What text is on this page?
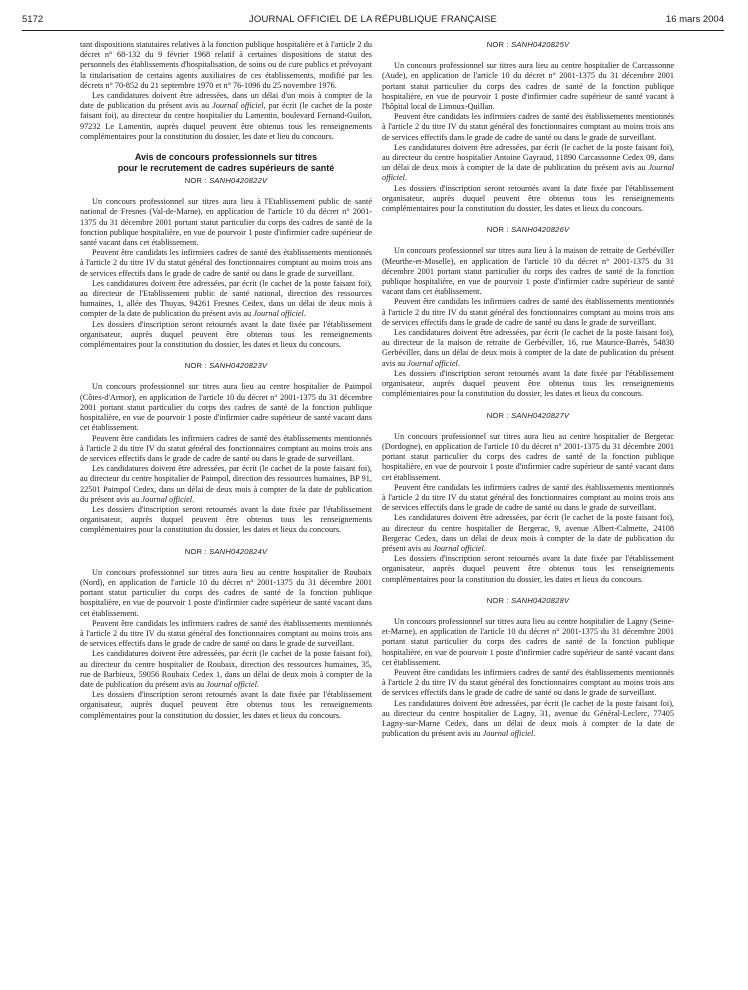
5172	JOURNAL OFFICIEL DE LA RÉPUBLIQUE FRANÇAISE	16 mars 2004

tant dispositions statutaires relatives à la fonction publique hospitalière et à l'article 2 du décret n° 68-132 du 9 février 1968 relatif à certaines dispositions de statut des personnels des établissements d'hospitalisation, de soins ou de cure publics et prévoyant la titularisation de certains agents auxiliaires de ces établissements, modifié par les décrets n° 70-852 du 21 septembre 1970 et n° 76-1096 du 25 novembre 1976.

Les candidatures doivent être adressées, dans un délai d'un mois à compter de la date de publication du présent avis au Journal officiel, par écrit (le cachet de la poste faisant foi), au directeur du centre hospitalier du Lamentin, boulevard Fernand-Guilon, 97232 Le Lamentin, auprès duquel peuvent être obtenus tous les renseignements complémentaires pour la constitution du dossier, les date et lieu du concours.

Avis de concours professionnels sur titres
pour le recrutement de cadres supérieurs de santé
NOR : SANH0420822V

Un concours professionnel sur titres aura lieu à l'Etablissement public de santé national de Fresnes (Val-de-Marne), en application de l'article 10 du décret n° 2001-1375 du 31 décembre 2001 portant statut particulier du corps des cadres de santé de la fonction publique hospitalière, en vue de pourvoir 1 poste d'infirmier cadre supérieur de santé vacant dans cet établissement.

Peuvent être candidats les infirmiers cadres de santé des établissements mentionnés à l'article 2 du titre IV du statut général des fonctionnaires comptant au moins trois ans de services effectifs dans le grade de cadre de santé ou dans le grade de surveillant.

Les candidatures doivent être adressées, par écrit (le cachet de la poste faisant foi), au directeur de l'Etablissement public de santé national, direction des ressources humaines, 1, allée des Thuyas, 94261 Fresnes Cedex, dans un délai de deux mois à compter de la date de publication du présent avis au Journal officiel.

Les dossiers d'inscription seront retournés avant la date fixée par l'établissement organisateur, auprès duquel peuvent être obtenus tous les renseignements complémentaires pour la constitution du dossier, les dates et lieux du concours.

NOR : SANH0420823V

Un concours professionnel sur titres aura lieu au centre hospitalier de Paimpol (Côtes-d'Armor), en application de l'article 10 du décret n° 2001-1375 du 31 décembre 2001 portant statut particulier du corps des cadres de santé de la fonction publique hospitalière, en vue de pourvoir 1 poste d'infirmier cadre supérieur de santé vacant dans cet établissement.

Peuvent être candidats les infirmiers cadres de santé des établissements mentionnés à l'article 2 du titre IV du statut général des fonctionnaires comptant au moins trois ans de services effectifs dans le grade de cadre de santé ou dans le grade de surveillant.

Les candidatures doivent être adressées, par écrit (le cachet de la poste faisant foi), au directeur du centre hospitalier de Paimpol, direction des ressources humaines, BP 91, 22501 Paimpol Cedex, dans un délai de deux mois à compter de la date de publication du présent avis au Journal officiel.

Les dossiers d'inscription seront retournés avant la date fixée par l'établissement organisateur, auprès duquel peuvent être obtenus tous les renseignements complémentaires pour la constitution du dossier, les dates et lieux du concours.

NOR : SANH0420824V

Un concours professionnel sur titres aura lieu au centre hospitalier de Roubaix (Nord), en application de l'article 10 du décret n° 2001-1375 du 31 décembre 2001 portant statut particulier du corps des cadres de santé de la fonction publique hospitalière, en vue de pourvoir 1 poste d'infirmier cadre supérieur de santé vacant dans cet établissement.

Peuvent être candidats les infirmiers cadres de santé des établissements mentionnés à l'article 2 du titre IV du statut général des fonctionnaires comptant au moins trois ans de services effectifs dans le grade de cadre de santé ou dans le grade de surveillant.

Les candidatures doivent être adressées, par écrit (le cachet de la poste faisant foi), au directeur du centre hospitalier de Roubaix, direction des ressources humaines, 35, rue de Barbieux, 59056 Roubaix Cedex 1, dans un délai de deux mois à compter de la date de publication du présent avis au Journal officiel.

Les dossiers d'inscription seront retournés avant la date fixée par l'établissement organisateur, auprès duquel peuvent être obtenus tous les renseignements complémentaires pour la constitution du dossier, les dates et lieux du concours.

NOR : SANH0420825V

Un concours professionnel sur titres aura lieu au centre hospitalier de Carcassonne (Aude), en application de l'article 10 du décret n° 2001-1375 du 31 décembre 2001 portant statut particulier du corps des cadres de santé de la fonction publique hospitalière, en vue de pourvoir 1 poste d'infirmier cadre supérieur de santé vacant à l'hôpital local de Limoux-Quillan.

Peuvent être candidats les infirmiers cadres de santé des établissements mentionnés à l'article 2 du titre IV du statut général des fonctionnaires comptant au moins trois ans de services effectifs dans le grade de cadre de santé ou dans le grade de surveillant.

Les candidatures doivent être adressées, par écrit (le cachet de la poste faisant foi), au directeur du centre hospitalier Antoine Gayraud, 11890 Carcassonne Cedex 09, dans un délai de deux mois à compter de la date de publication du présent avis au Journal officiel.

Les dossiers d'inscription seront retournés avant la date fixée par l'établissement organisateur, auprès duquel peuvent être obtenus tous les renseignements complémentaires pour la constitution du dossier, les dates et lieux du concours.

NOR : SANH0420826V

Un concours professionnel sur titres aura lieu à la maison de retraite de Gerbéviller (Meurthe-et-Moselle), en application de l'article 10 du décret n° 2001-1375 du 31 décembre 2001 portant statut particulier du corps des cadres de santé de la fonction publique hospitalière, en vue de pourvoir 1 poste d'infirmier cadre supérieur de santé vacant dans cet établissement.

Peuvent être candidats les infirmiers cadres de santé des établissements mentionnés à l'article 2 du titre IV du statut général des fonctionnaires comptant au moins trois ans de services effectifs dans le grade de cadre de santé ou dans le grade de surveillant.

Les candidatures doivent être adressées, par écrit (le cachet de la poste faisant foi), au directeur de la maison de retraite de Gerbéviller, 16, rue Maurice-Barrès, 54830 Gerbéviller, dans un délai de deux mois à compter de la date de publication du présent avis au Journal officiel.

Les dossiers d'inscription seront retournés avant la date fixée par l'établissement organisateur, auprès duquel peuvent être obtenus tous les renseignements complémentaires pour la constitution du dossier, les dates et lieux du concours.

NOR : SANH0420827V

Un concours professionnel sur titres aura lieu au centre hospitalier de Bergerac (Dordogne), en application de l'article 10 du décret n° 2001-1375 du 31 décembre 2001 portant statut particulier du corps des cadres de santé de la fonction publique hospitalière, en vue de pourvoir 1 poste d'infirmier cadre supérieur de santé vacant dans cet établissement.

Peuvent être candidats les infirmiers cadres de santé des établissements mentionnés à l'article 2 du titre IV du statut général des fonctionnaires comptant au moins trois ans de services effectifs dans le grade de cadre de santé ou dans le grade de surveillant.

Les candidatures doivent être adressées, par écrit (le cachet de la poste faisant foi), au directeur du centre hospitalier de Bergerac, 9, avenue Albert-Calmette, 24108 Bergerac Cedex, dans un délai de deux mois à compter de la date de publication du présent avis au Journal officiel.

Les dossiers d'inscription seront retournés avant la date fixée par l'établissement organisateur, auprès duquel peuvent être obtenus tous les renseignements complémentaires pour la constitution du dossier, les dates et lieux du concours.

NOR : SANH0420828V

Un concours professionnel sur titres aura lieu au centre hospitalier de Lagny (Seine-et-Marne), en application de l'article 10 du décret n° 2001-1375 du 31 décembre 2001 portant statut particulier du corps des cadres de santé de la fonction publique hospitalière, en vue de pourvoir 1 poste d'infirmier cadre supérieur de santé vacant dans cet établissement.

Peuvent être candidats les infirmiers cadres de santé des établissements mentionnés à l'article 2 du titre IV du statut général des fonctionnaires comptant au moins trois ans de services effectifs dans le grade de cadre de santé ou dans le grade de surveillant.

Les candidatures doivent être adressées, par écrit (le cachet de la poste faisant foi), au directeur du centre hospitalier de Lagny, 31, avenue du Général-Leclerc, 77405 Lagny-sur-Marne Cedex, dans un délai de deux mois à compter de la date de publication du présent avis au Journal officiel.
